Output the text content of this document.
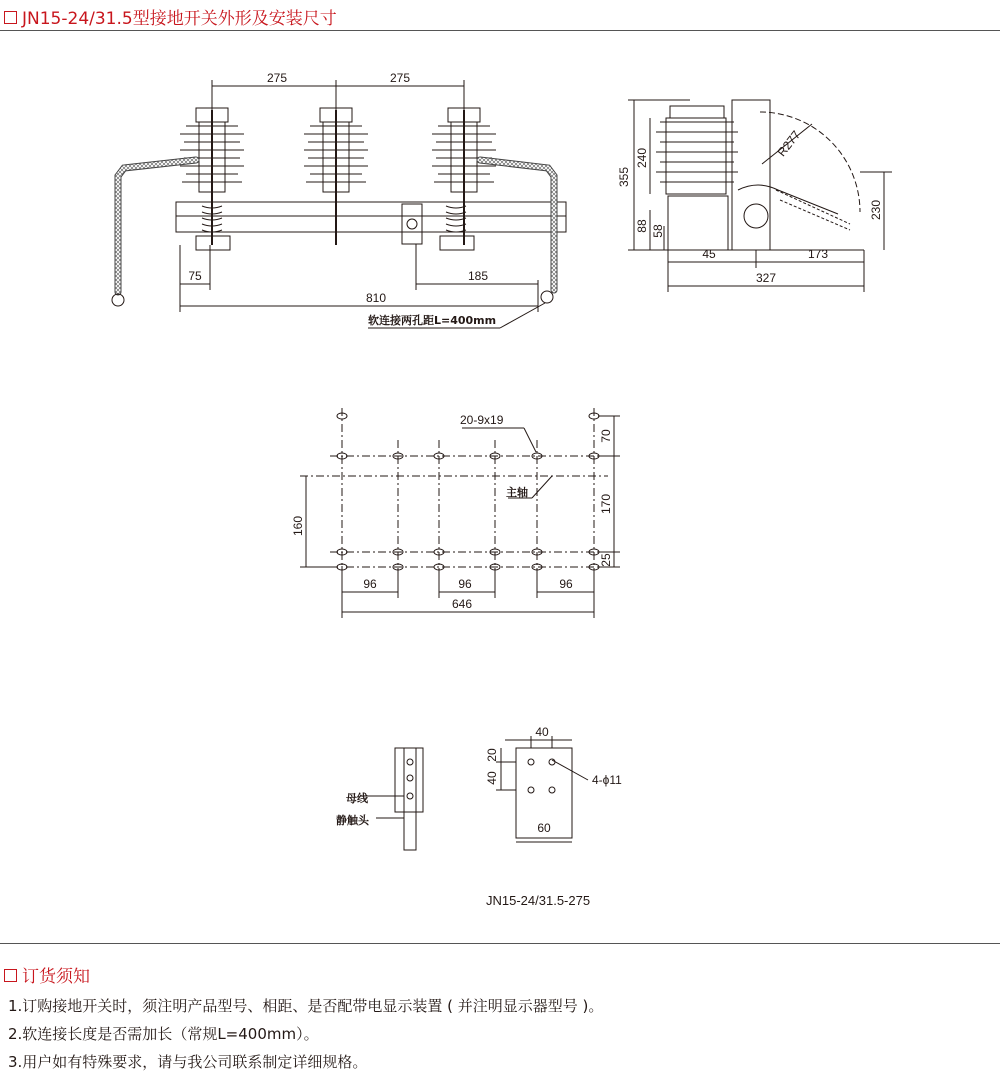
JN15-24/31.5型接地开关外形及安装尺寸
275	275
75	185
810
软连接两孔距L=400mm
355
240
88 58
R277
230
45	173
327
20-9x19
主轴
70
170
25
160
96	96	96
646
母线
静触头
40
20
40
60
4-ϕ11
JN15-24/31.5-275
订货须知
1.订购接地开关时，须注明产品型号、相距、是否配带电显示装置 ( 并注明显示器型号 )。
2.软连接长度是否需加长（常规L=400mm）。
3.用户如有特殊要求，请与我公司联系制定详细规格。
